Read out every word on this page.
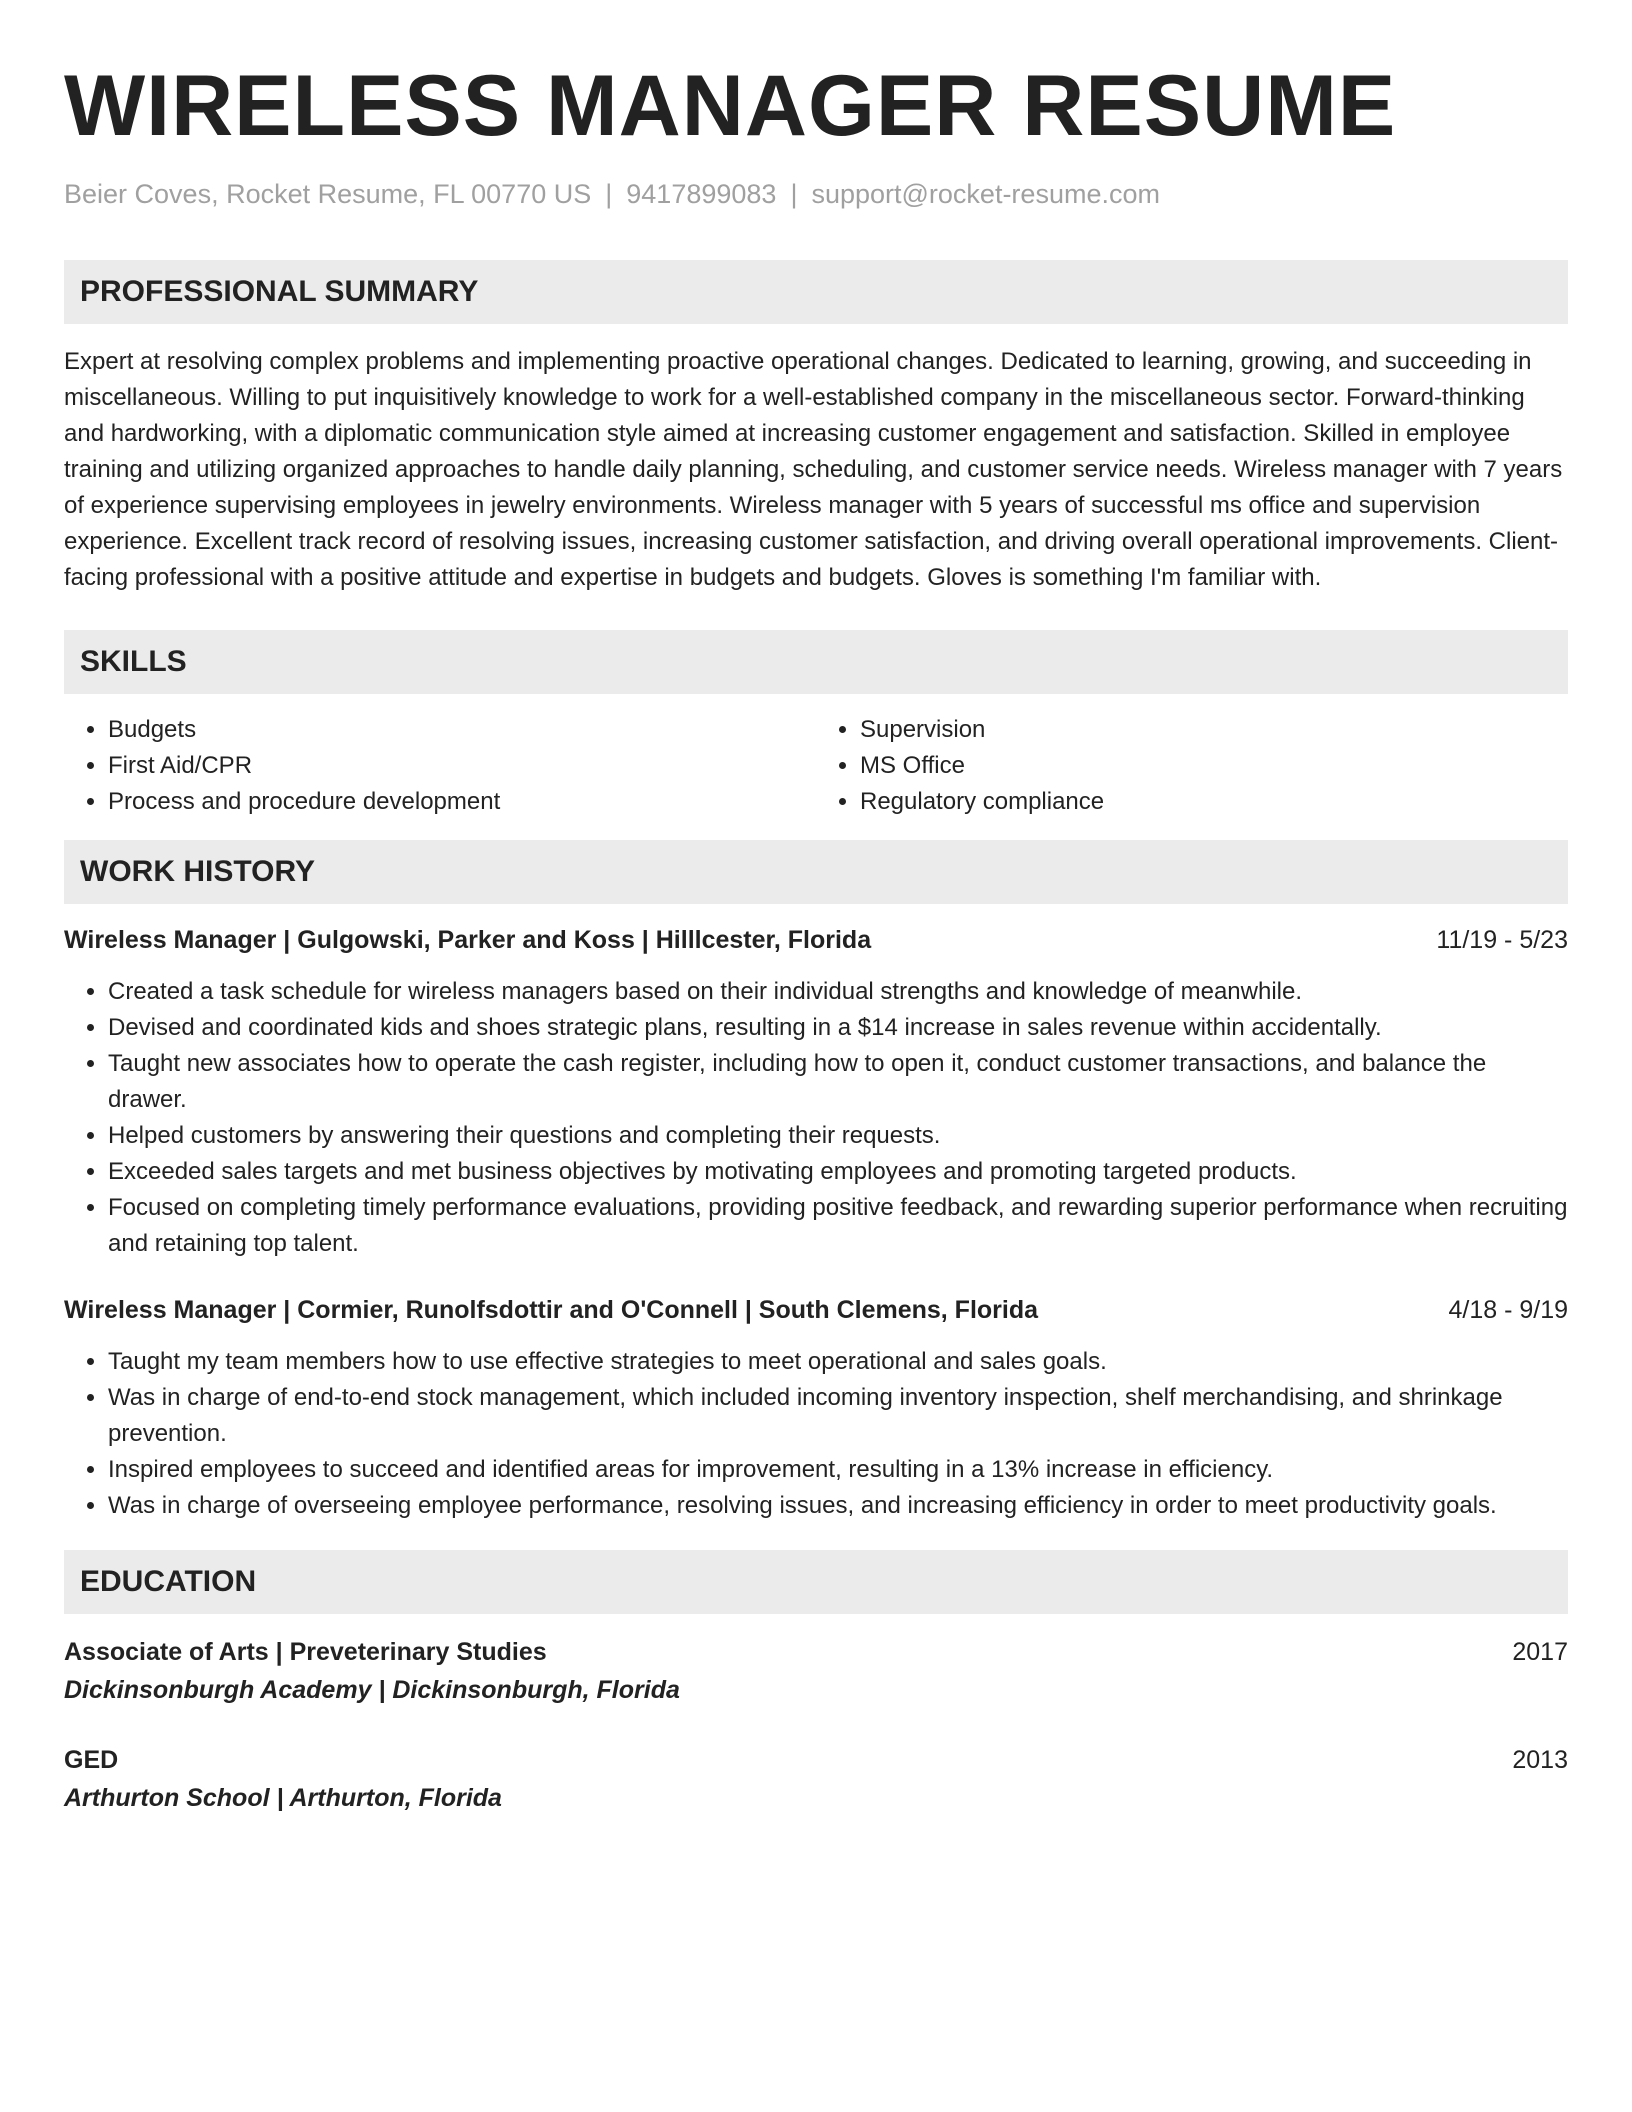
WIRELESS MANAGER RESUME
Beier Coves, Rocket Resume, FL 00770 US | 9417899083 | support@rocket-resume.com
PROFESSIONAL SUMMARY

Expert at resolving complex problems and implementing proactive operational changes. Dedicated to learning, growing, and succeeding in miscellaneous. Willing to put inquisitively knowledge to work for a well-established company in the miscellaneous sector. Forward-thinking and hardworking, with a diplomatic communication style aimed at increasing customer engagement and satisfaction. Skilled in employee training and utilizing organized approaches to handle daily planning, scheduling, and customer service needs. Wireless manager with 7 years of experience supervising employees in jewelry environments. Wireless manager with 5 years of successful ms office and supervision experience. Excellent track record of resolving issues, increasing customer satisfaction, and driving overall operational improvements. Client-facing professional with a positive attitude and expertise in budgets and budgets. Gloves is something I'm familiar with.

SKILLS
• Budgets
• First Aid/CPR
• Process and procedure development
• Supervision
• MS Office
• Regulatory compliance
WORK HISTORY
Wireless Manager | Gulgowski, Parker and Koss | Hilllcester, Florida	11/19 - 5/23
• Created a task schedule for wireless managers based on their individual strengths and knowledge of meanwhile.
• Devised and coordinated kids and shoes strategic plans, resulting in a $14 increase in sales revenue within accidentally.
• Taught new associates how to operate the cash register, including how to open it, conduct customer transactions, and balance the drawer.
• Helped customers by answering their questions and completing their requests.
• Exceeded sales targets and met business objectives by motivating employees and promoting targeted products.
• Focused on completing timely performance evaluations, providing positive feedback, and rewarding superior performance when recruiting and retaining top talent.
Wireless Manager | Cormier, Runolfsdottir and O'Connell | South Clemens, Florida	4/18 - 9/19
• Taught my team members how to use effective strategies to meet operational and sales goals.
• Was in charge of end-to-end stock management, which included incoming inventory inspection, shelf merchandising, and shrinkage prevention.
• Inspired employees to succeed and identified areas for improvement, resulting in a 13% increase in efficiency.
• Was in charge of overseeing employee performance, resolving issues, and increasing efficiency in order to meet productivity goals.
EDUCATION
Associate of Arts | Preveterinary Studies	2017
Dickinsonburgh Academy | Dickinsonburgh, Florida
GED	2013
Arthurton School | Arthurton, Florida
